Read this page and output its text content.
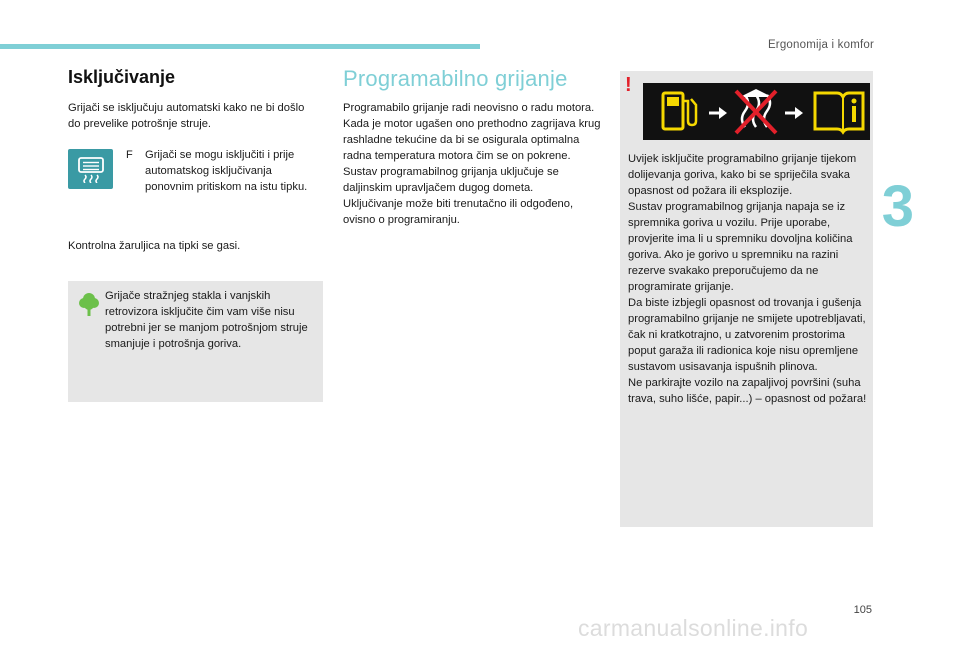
Ergonomija i komfor
3
Isključivanje

Grijači se isključuju automatski kako ne bi došlo do prevelike potrošnje struje.

F	Grijači se mogu isključiti i prije automatskog isključivanja ponovnim pritiskom na istu tipku.

Kontrolna žaruljica na tipki se gasi.

Grijače stražnjeg stakla i vanjskih retrovizora isključite čim vam više nisu potrebni jer se manjom potrošnjom struje smanjuje i potrošnja goriva.

Programabilno grijanje

Programabilo grijanje radi neovisno o radu motora.
Kada je motor ugašen ono prethodno zagrijava krug rashladne tekućine da bi se osigurala optimalna radna temperatura motora čim se on pokrene.
Sustav programabilnog grijanja uključuje se daljinskim upravljačem dugog dometa.
Uključivanje može biti trenutačno ili odgođeno, ovisno o programiranju.

!

Uvijek isključite programabilno grijanje tijekom dolijevanja goriva, kako bi se spriječila svaka opasnost od požara ili eksplozije.
Sustav programabilnog grijanja napaja se iz spremnika goriva u vozilu. Prije uporabe, provjerite ima li u spremniku dovoljna količina goriva. Ako je gorivo u spremniku na razini rezerve svakako preporučujemo da ne programirate grijanje.
Da biste izbjegli opasnost od trovanja i gušenja programabilno grijanje ne smijete upotrebljavati, čak ni kratkotrajno, u zatvorenim prostorima poput garaža ili radionica koje nisu opremljene sustavom usisavanja ispušnih plinova.
Ne parkirajte vozilo na zapaljivoj površini (suha trava, suho lišće, papir...) – opasnost od požara!

105
carmanualsonline.info
